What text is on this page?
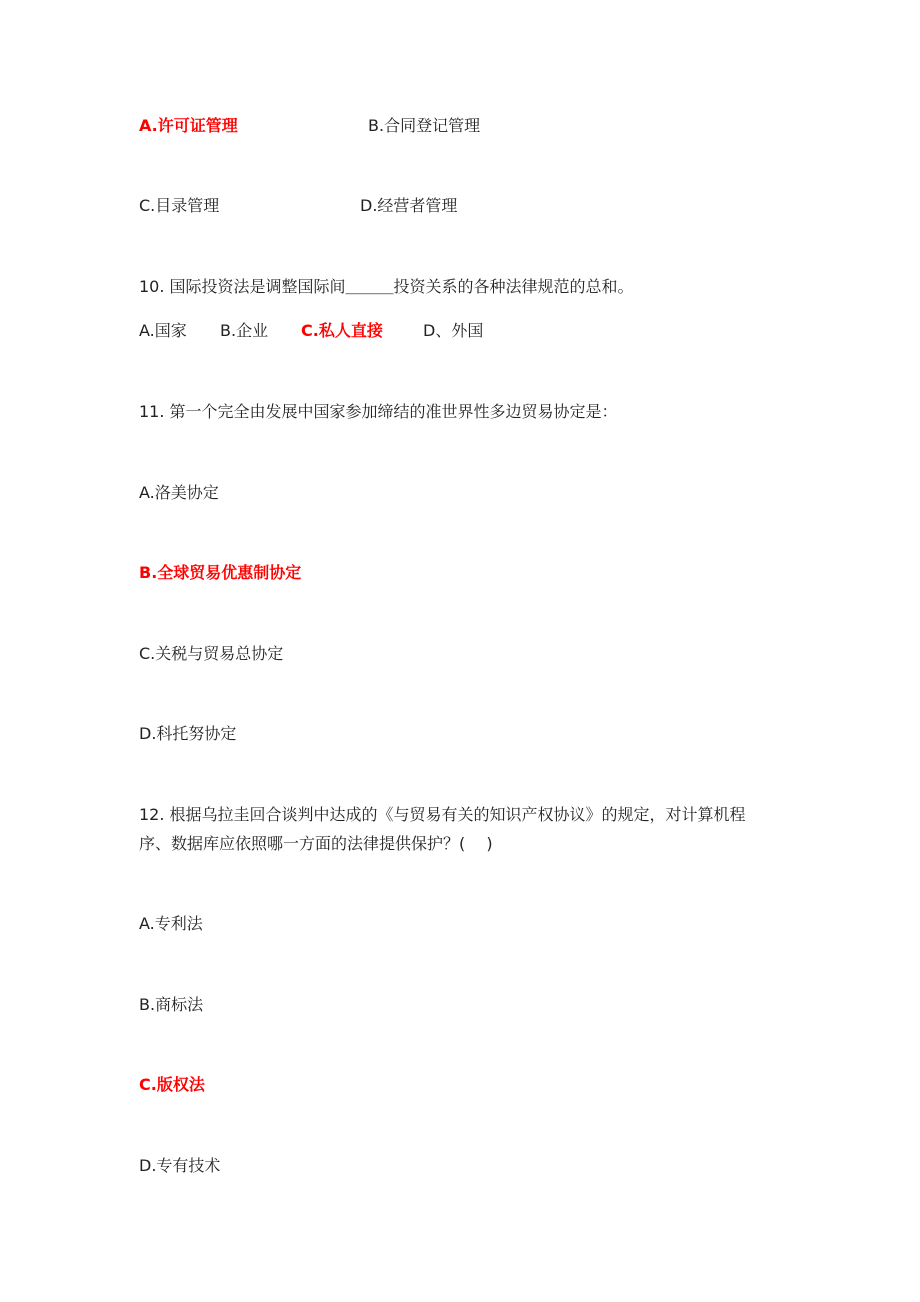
A.许可证管理	B.合同登记管理
C.目录管理	D.经营者管理
10. 国际投资法是调整国际间＿＿＿投资关系的各种法律规范的总和。
A.国家 B.企业 C.私人直接	D、外国
11. 第一个完全由发展中国家参加缔结的准世界性多边贸易协定是：
A.洛美协定
B.全球贸易优惠制协定
C.关税与贸易总协定
D.科托努协定
12. 根据乌拉圭回合谈判中达成的《与贸易有关的知识产权协议》的规定，对计算机程
序、数据库应依照哪一方面的法律提供保护？(　 )
A.专利法
B.商标法
C.版权法
D.专有技术
